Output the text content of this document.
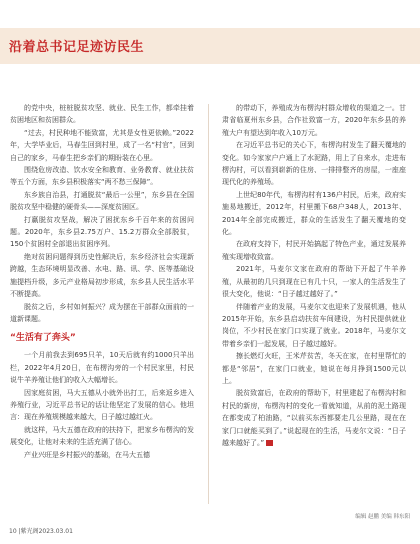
沿着总书记足迹访民生

的党中央，桩桩脱贫攻坚、就业、民生工作，都牵挂着贫困地区和贫困群众。

“过去，村民种地不能致富，尤其是女性更依赖。”2022年，大学毕业后，马春生回到村里，成了一名“村官”，回到自己的家乡，马春生把乡亲们的期盼装在心里。

围绕危房改造、饮水安全和教育、业务教育、就业扶贫等五个方面，东乡县积极落实“两不愁三保障”。

东乡族自治县，打通脱贫“最后一公里”，东乡县在全国脱贫攻坚中稳健的硬骨头——深度贫困区。

打赢脱贫攻坚战，解决了困扰东乡千百年来的贫困问题。2020年，东乡县2.75万户、15.2万群众全部脱贫，150个贫困村全部退出贫困序列。

绝对贫困问题得到历史性解决后，东乡经济社会实现新跨越，生态环境明显改善、水电、路、讯、学、医等基础设施提档升级，多元产业格局初步形成，东乡县人民生活水平不断提高。

脱贫之后，乡村如何振兴？成为摆在干部群众面前的一道新课题。

“生活有了奔头”

一个月前我去到695只羊，10天后就有约1000只羊出栏，2022年4月20日，在布楞沟旁的一个村民家里，村民说牛羊养殖让他们的收入大幅增长。

因家庭贫困，马大五德从小就外出打工，后来返乡进入养殖行业，习近平总书记的话让他坚定了发展的信心。他坦言：现在养殖规模越来越大，日子越过越红火。

就这样，马大五德在政府的扶持下，把家乡布楞沟的发展变化，让他对未来的生活充满了信心。

产业兴旺是乡村振兴的基础，在马大五德

的带动下，养殖成为布楞沟村群众增收的渠道之一。甘肃省临夏州东乡县，合作社致富一方，2020年东乡县的养殖大户有望达到年收入10万元。

在习近平总书记的关心下，布楞沟村发生了翻天覆地的变化。如今家家户户通上了水泥路，用上了自来水，走进布楞沟村，可以看到崭新的住房、一排排整齐的房屋，一座座现代化的养殖场。

上世纪80年代，布楞沟村有136户村民，后来，政府实施易地搬迁，2012年，村里搬下68户348人，2013年、2014年全部完成搬迁，群众的生活发生了翻天覆地的变化。

在政府支持下，村民开始搞起了特色产业，通过发展养殖实现增收致富。

2021年，马麦尔文家在政府的帮助下开起了牛羊养殖，从最初的几只到现在已有几十只，一家人的生活发生了很大变化，他说：“日子越过越好了。”

伴随着产业的发展，马麦尔文也迎来了发展机遇，他从2015年开始，东乡县启动扶贫车间建设，为村民提供就业岗位，不少村民在家门口实现了就业。2018年，马麦尔文带着乡亲们一起发展，日子越过越好。

擦长燃灯火旺，王米芹贫苦，冬天在家，在村里帮忙的都是“邻居”，在家门口就业，她说在每月挣到1500元以上。

脱贫致富后，在政府的帮助下，村里建起了布楞沟村和村民的新房，布楞沟村的变化一看就知道，从前的泥土路现在都变成了柏油路，“以前买东西都要走几公里路，现在在家门口就能买到了。”说起现在的生活，马麦尔文说：“日子越来越好了。”

编辑 赵鹏 美编 韩东阳
10 |紫光阁2023.03.01
